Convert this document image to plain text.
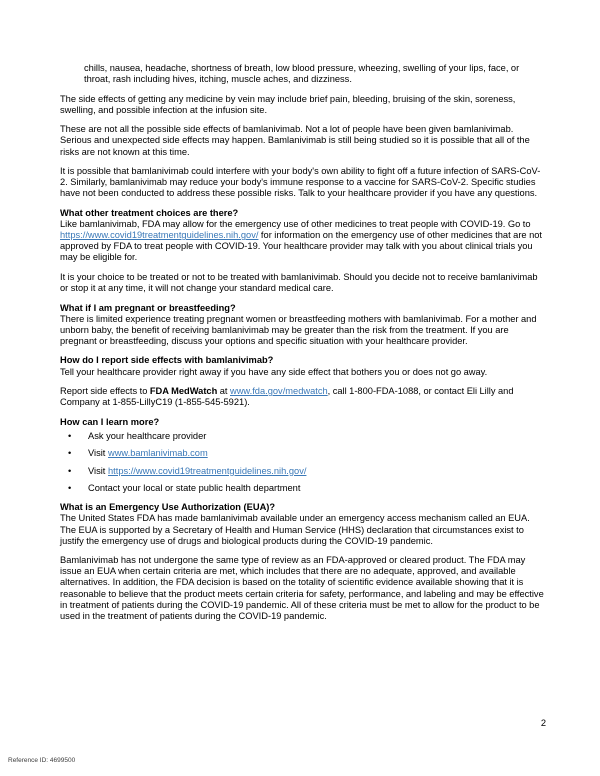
chills, nausea, headache, shortness of breath, low blood pressure, wheezing, swelling of your lips, face, or throat, rash including hives, itching, muscle aches, and dizziness.

The side effects of getting any medicine by vein may include brief pain, bleeding, bruising of the skin, soreness, swelling, and possible infection at the infusion site.

These are not all the possible side effects of bamlanivimab. Not a lot of people have been given bamlanivimab. Serious and unexpected side effects may happen. Bamlanivimab is still being studied so it is possible that all of the risks are not known at this time.

It is possible that bamlanivimab could interfere with your body's own ability to fight off a future infection of SARS-CoV-2. Similarly, bamlanivimab may reduce your body's immune response to a vaccine for SARS-CoV-2. Specific studies have not been conducted to address these possible risks. Talk to your healthcare provider if you have any questions.

What other treatment choices are there?

Like bamlanivimab, FDA may allow for the emergency use of other medicines to treat people with COVID-19. Go to https://www.covid19treatmentguidelines.nih.gov/ for information on the emergency use of other medicines that are not approved by FDA to treat people with COVID-19. Your healthcare provider may talk with you about clinical trials you may be eligible for.

It is your choice to be treated or not to be treated with bamlanivimab. Should you decide not to receive bamlanivimab or stop it at any time, it will not change your standard medical care.

What if I am pregnant or breastfeeding?

There is limited experience treating pregnant women or breastfeeding mothers with bamlanivimab. For a mother and unborn baby, the benefit of receiving bamlanivimab may be greater than the risk from the treatment. If you are pregnant or breastfeeding, discuss your options and specific situation with your healthcare provider.

How do I report side effects with bamlanivimab?

Tell your healthcare provider right away if you have any side effect that bothers you or does not go away.

Report side effects to FDA MedWatch at www.fda.gov/medwatch, call 1-800-FDA-1088, or contact Eli Lilly and Company at 1-855-LillyC19 (1-855-545-5921).

How can I learn more?

• Ask your healthcare provider
• Visit www.bamlanivimab.com
• Visit https://www.covid19treatmentguidelines.nih.gov/
• Contact your local or state public health department

What is an Emergency Use Authorization (EUA)?

The United States FDA has made bamlanivimab available under an emergency access mechanism called an EUA. The EUA is supported by a Secretary of Health and Human Service (HHS) declaration that circumstances exist to justify the emergency use of drugs and biological products during the COVID-19 pandemic.

Bamlanivimab has not undergone the same type of review as an FDA-approved or cleared product. The FDA may issue an EUA when certain criteria are met, which includes that there are no adequate, approved, and available alternatives. In addition, the FDA decision is based on the totality of scientific evidence available showing that it is reasonable to believe that the product meets certain criteria for safety, performance, and labeling and may be effective in treatment of patients during the COVID-19 pandemic. All of these criteria must be met to allow for the product to be used in the treatment of patients during the COVID-19 pandemic.

2
Reference ID: 4699500
